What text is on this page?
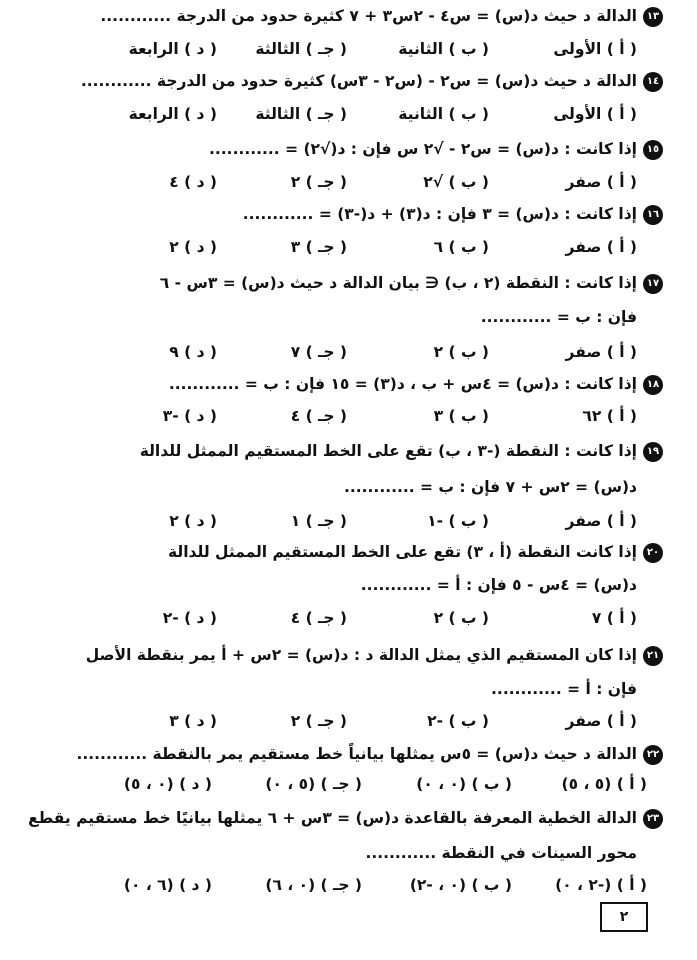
١٣الدالة د حيث د(س) = س٤ - ٢س٣ + ٧ كثيرة حدود من الدرجة ............
( أ ) الأولى
( ب ) الثانية
( جـ ) الثالثة
( د ) الرابعة
١٤الدالة د حيث د(س) = س٢ - (س٢ - ٣س) كثيرة حدود من الدرجة ............
( أ ) الأولى
( ب ) الثانية
( جـ ) الثالثة
( د ) الرابعة
١٥إذا كانت : د(س) = س٢ - √٢ س فإن : د(√٢) = ............
( أ ) صفر
( ب ) √٢
( جـ ) ٢
( د ) ٤
١٦إذا كانت : د(س) = ٣ فإن : د(٣) + د(-٣) = ............
( أ ) صفر
( ب ) ٦
( جـ ) ٣
( د ) ٢
١٧إذا كانت : النقطة (٢ ، ب) ∈ بيان الدالة د حيث د(س) = ٣س - ٦
فإن : ب = ............
( أ ) صفر
( ب ) ٢
( جـ ) ٧
( د ) ٩
١٨إذا كانت : د(س) = ٤س + ب ، د(٣) = ١٥ فإن : ب = ............
( أ ) ٦٢
( ب ) ٣
( جـ ) ٤
( د ) -٣
١٩إذا كانت : النقطة (-٣ ، ب) تقع على الخط المستقيم الممثل للدالة
د(س) = ٢س + ٧ فإن : ب = ............
( أ ) صفر
( ب ) -١
( جـ ) ١
( د ) ٢
٢٠إذا كانت النقطة (أ ، ٣) تقع على الخط المستقيم الممثل للدالة
د(س) = ٤س - ٥ فإن : أ = ............
( أ ) ٧
( ب ) ٢
( جـ ) ٤
( د ) -٢
٢١إذا كان المستقيم الذي يمثل الدالة د : د(س) = ٢س + أ يمر بنقطة الأصل
فإن : أ = ............
( أ ) صفر
( ب ) -٢
( جـ ) ٢
( د ) ٣
٢٢الدالة د حيث د(س) = ٥س يمثلها بيانياً خط مستقيم يمر بالنقطة ............
( أ ) (٥ ، ٥)
( ب ) (٠ ، ٠)
( جـ ) (٥ ، ٠)
( د ) (٠ ، ٥)
٢٣الدالة الخطية المعرفة بالقاعدة د(س) = ٣س + ٦ يمثلها بيانيًا خط مستقيم يقطع
محور السينات في النقطة ............
( أ ) (-٢ ، ٠)
( ب ) (٠ ، -٢)
( جـ ) (٠ ، ٦)
( د ) (٦ ، ٠)
٢
